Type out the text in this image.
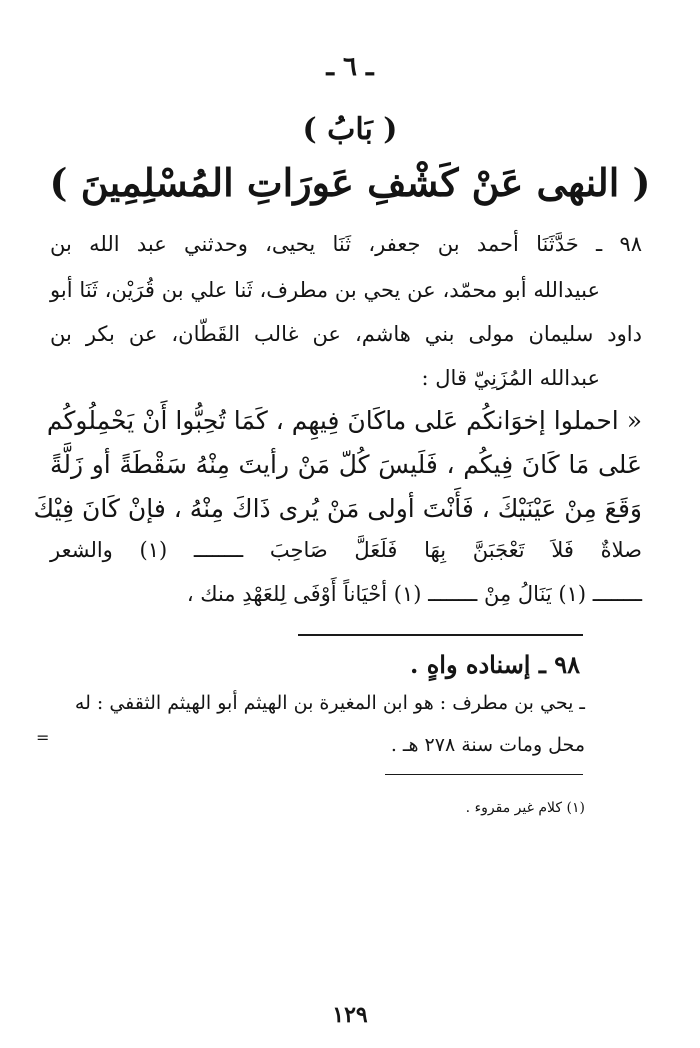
ـ ٦ ـ
( بَابُ )
( النهى عَنْ كَشْفِ عَورَاتِ المُسْلِمِينَ )
٩٨ ـ حَدَّثَنَا أحمد بن جعفر، ثَنَا يحيى، وحدثني عبد الله بن
عبيدالله أبو محمّد، عن يحي بن مطرف، ثَنا علي بن قُرَيْن، ثَنَا أبو
داود سليمان مولى بني هاشم، عن غالب القَطّان، عن بكر بن
عبدالله المُزَنِيّ قال :
« احملوا إخوَانكُم عَلى ماكَانَ فِيهِم ، كَمَا تُحِبُّوا أَنْ يَحْمِلُوكُم
عَلى مَا كَانَ فِيكُم ، فَلَيسَ كُلّ مَنْ رأيتَ مِنْهُ سَقْطَةً أو زَلَّةً
وَقَعَ مِنْ عَيْنَيْكَ ، فَأَنْتَ أولى مَنْ يُرى ذَاكَ مِنْهُ ، فإنْ كَانَ فِيْكَ
صلاةٌ فَلاَ تَعْجَبَنَّ بِهَا فَلَعَلَّ صَاحِبَ ــــــــ (١) والشعر
ــــــــ (١) يَنَالُ مِنْ ــــــــ (١) أحْيَاناً أَوْفَى لِلعَهْدِ منك ،
٩٨ ـ إسناده واهٍ .
ـ يحي بن مطرف : هو ابن المغيرة بن الهيثم أبو الهيثم الثقفي : له
محل ومات سنة ٢٧٨ هـ .
=
(١) كلام غير مقروء .
١٢٩
